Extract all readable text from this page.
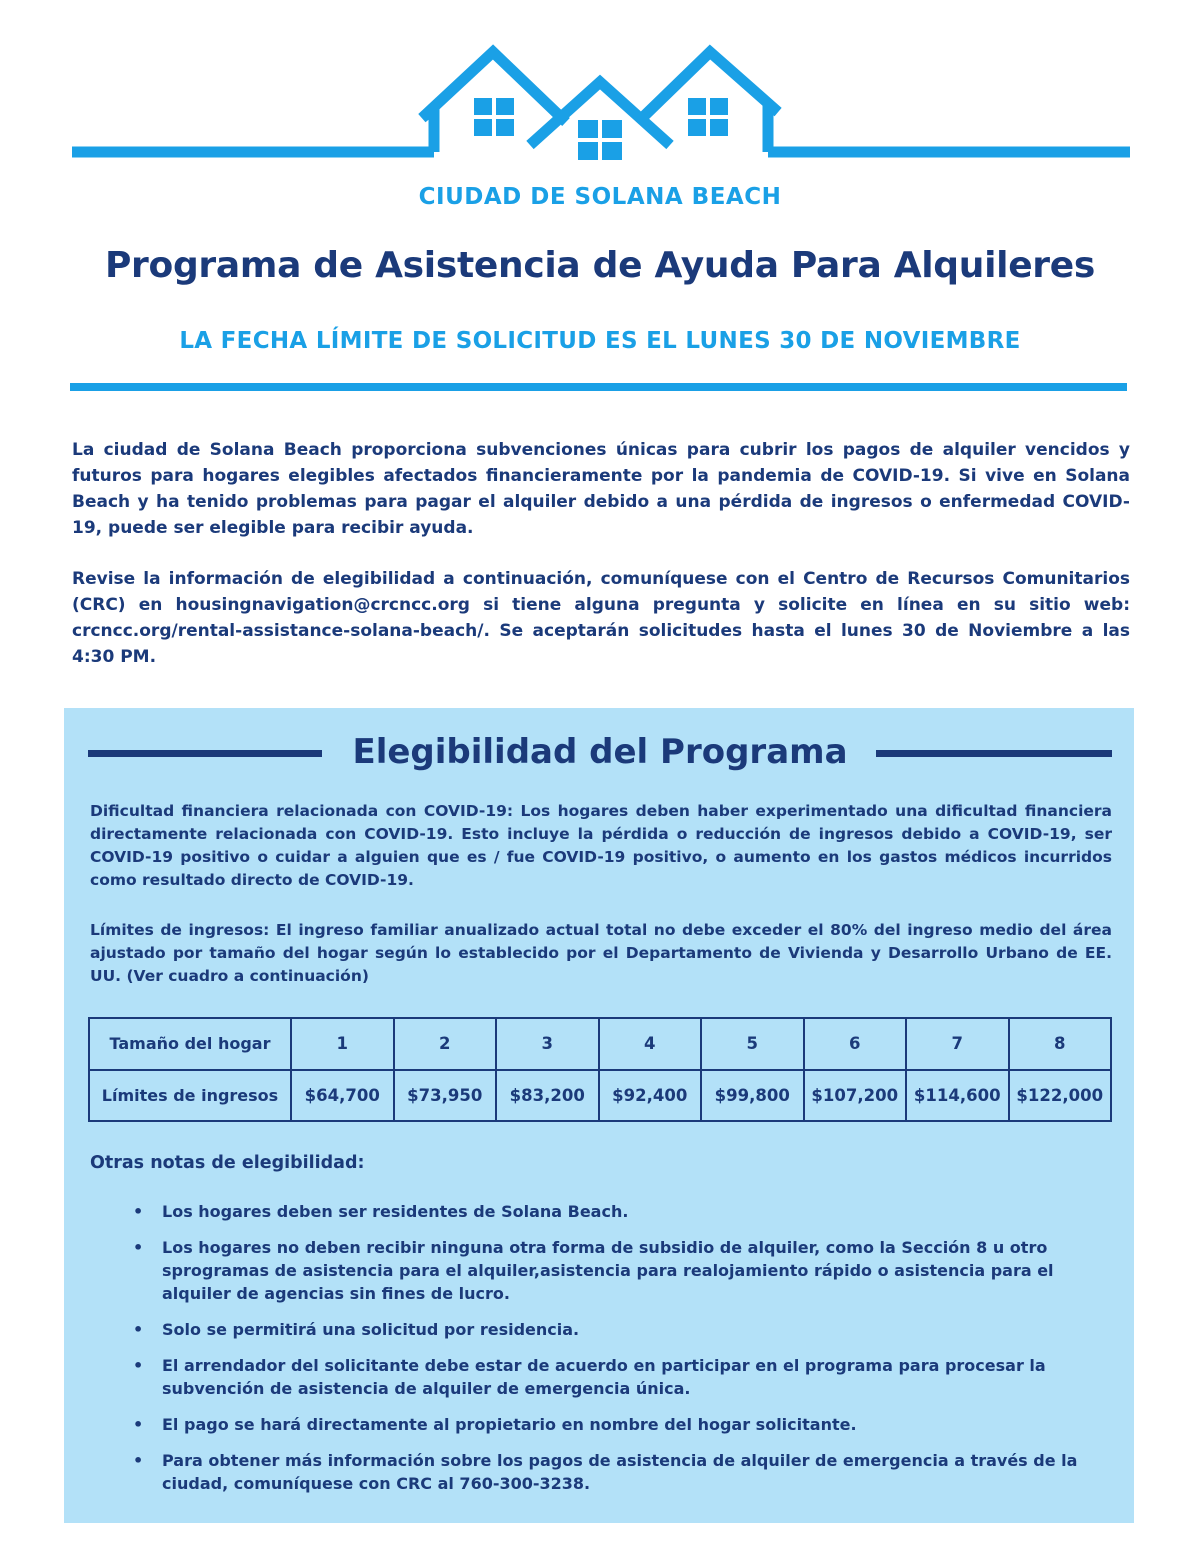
CIUDAD DE SOLANA BEACH
Programa de Asistencia de Ayuda Para Alquileres
LA FECHA LÍMITE DE SOLICITUD ES EL LUNES 30 DE NOVIEMBRE

La ciudad de Solana Beach proporciona subvenciones únicas para cubrir los pagos de alquiler vencidos y futuros para hogares elegibles afectados financieramente por la pandemia de COVID-19. Si vive en Solana Beach y ha tenido problemas para pagar el alquiler debido a una pérdida de ingresos o enfermedad COVID-19, puede ser elegible para recibir ayuda.

Revise la información de elegibilidad a continuación, comuníquese con el Centro de Recursos Comunitarios (CRC) en housingnavigation@crcncc.org si tiene alguna pregunta y solicite en línea en su sitio web: crcncc.org/rental-assistance-solana-beach/. Se aceptarán solicitudes hasta el lunes 30 de Noviembre a las 4:30 PM.

Elegibilidad del Programa

Dificultad financiera relacionada con COVID-19: Los hogares deben haber experimentado una dificultad financiera directamente relacionada con COVID-19. Esto incluye la pérdida o reducción de ingresos debido a COVID-19, ser COVID-19 positivo o cuidar a alguien que es / fue COVID-19 positivo, o aumento en los gastos médicos incurridos como resultado directo de COVID-19.

Límites de ingresos: El ingreso familiar anualizado actual total no debe exceder el 80% del ingreso medio del área ajustado por tamaño del hogar según lo establecido por el Departamento de Vivienda y Desarrollo Urbano de EE. UU. (Ver cuadro a continuación)

Tamaño del hogar	1	2	3	4	5	6	7	8
Límites de ingresos	$64,700	$73,950	$83,200	$92,400	$99,800	$107,200	$114,600	$122,000
Otras notas de elegibilidad:
• Los hogares deben ser residentes de Solana Beach.
• Los hogares no deben recibir ninguna otra forma de subsidio de alquiler, como la Sección 8 u otro sprogramas de asistencia para el alquiler,asistencia para realojamiento rápido o asistencia para el alquiler de agencias sin fines de lucro.
• Solo se permitirá una solicitud por residencia.
• El arrendador del solicitante debe estar de acuerdo en participar en el programa para procesar la subvención de asistencia de alquiler de emergencia única.
• El pago se hará directamente al propietario en nombre del hogar solicitante.
• Para obtener más información sobre los pagos de asistencia de alquiler de emergencia a través de la ciudad, comuníquese con CRC al 760-300-3238.
